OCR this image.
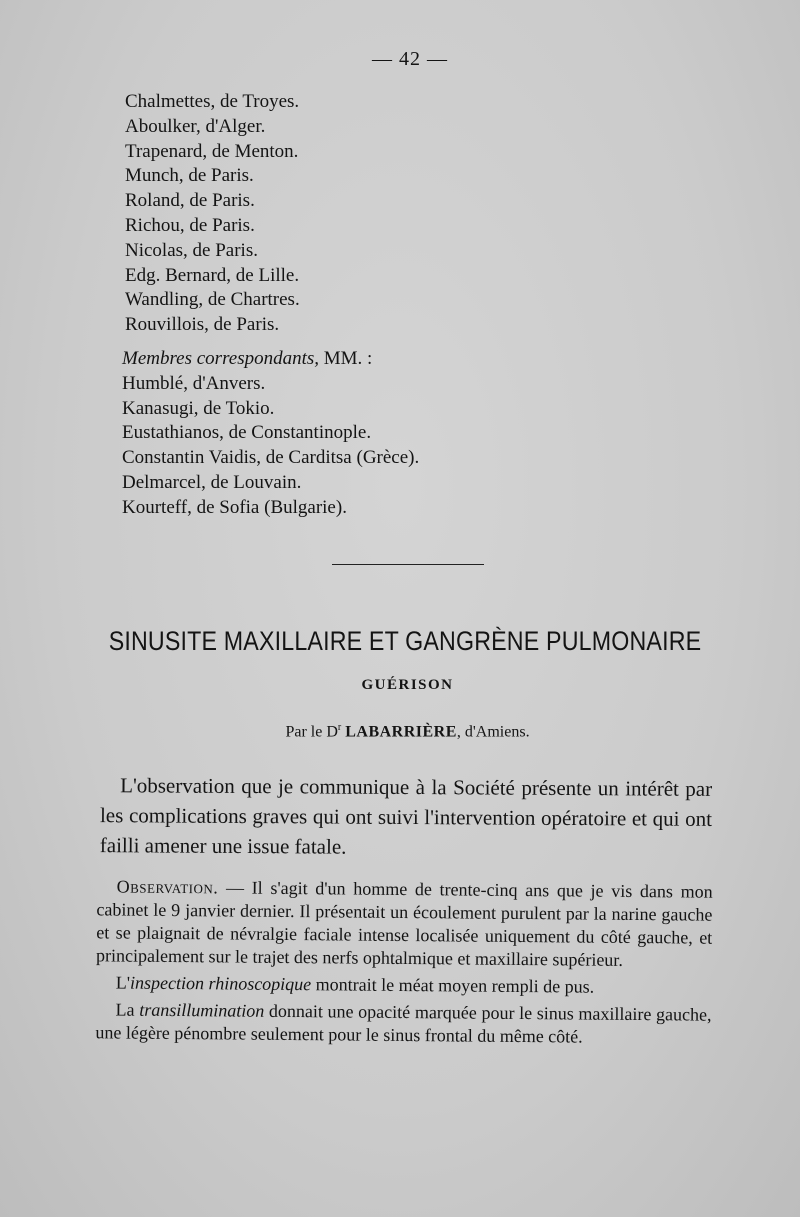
— 42 —
Chalmettes, de Troyes.
Aboulker, d'Alger.
Trapenard, de Menton.
Munch, de Paris.
Roland, de Paris.
Richou, de Paris.
Nicolas, de Paris.
Edg. Bernard, de Lille.
Wandling, de Chartres.
Rouvillois, de Paris.
Membres correspondants, MM. :
Humblé, d'Anvers.
Kanasugi, de Tokio.
Eustathianos, de Constantinople.
Constantin Vaidis, de Carditsa (Grèce).
Delmarcel, de Louvain.
Kourteff, de Sofia (Bulgarie).
SINUSITE MAXILLAIRE ET GANGRÈNE PULMONAIRE
GUÉRISON
Par le $D^r$ LABARRIÈRE, d'Amiens.
L'observation que je communique à la Société présente un intérêt par les complications graves qui ont suivi l'intervention opératoire et qui ont failli amener une issue fatale.

Observation. — Il s'agit d'un homme de trente-cinq ans que je vis dans mon cabinet le 9 janvier dernier. Il présentait un écoulement purulent par la narine gauche et se plaignait de névralgie faciale intense localisée uniquement du côté gauche, et principalement sur le trajet des nerfs ophtalmique et maxillaire supérieur.

L'inspection rhinoscopique montrait le méat moyen rempli de pus.

La transillumination donnait une opacité marquée pour le sinus maxillaire gauche, une légère pénombre seulement pour le sinus frontal du même côté.
